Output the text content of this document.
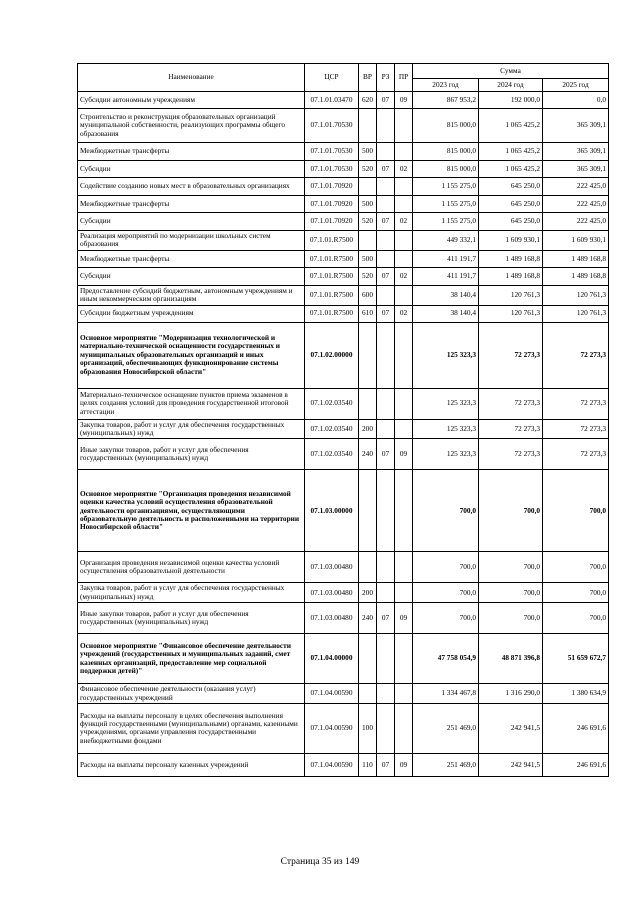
Наименование	ЦСР	ВР	РЗ	ПР	Сумма		
					2023 год	2024 год	2025 год
Субсидии автономным учреждениям	07.1.01.03470	620	07	09	867 953,2	192 000,0	0,0
Строительство и реконструкция образовательных организаций муниципальной собственности, реализующих программы общего образования	07.1.01.70530				815 000,0	1 065 425,2	365 309,1
Межбюджетные трансферты	07.1.01.70530	500			815 000,0	1 065 425,2	365 309,1
Субсидии	07.1.01.70530	520	07	02	815 000,0	1 065 425,2	365 309,1
Содействие созданию новых мест в образовательных организациях	07.1.01.70920				1 155 275,0	645 250,0	222 425,0
Межбюджетные трансферты	07.1.01.70920	500			1 155 275,0	645 250,0	222 425,0
Субсидии	07.1.01.70920	520	07	02	1 155 275,0	645 250,0	222 425,0
Реализация мероприятий по модернизации школьных систем образования	07.1.01.R7500				449 332,1	1 609 930,1	1 609 930,1
Межбюджетные трансферты	07.1.01.R7500	500			411 191,7	1 489 168,8	1 489 168,8
Субсидии	07.1.01.R7500	520	07	02	411 191,7	1 489 168,8	1 489 168,8
Предоставление субсидий бюджетным, автономным учреждениям и иным некоммерческим организациям	07.1.01.R7500	600			38 140,4	120 761,3	120 761,3
Субсидии бюджетным учреждениям	07.1.01.R7500	610	07	02	38 140,4	120 761,3	120 761,3
Основное мероприятие "Модернизация технологической и материально-технической оснащенности государственных и муниципальных образовательных организаций и иных организаций, обеспечивающих функционирование системы образования Новосибирской области"	07.1.02.00000				125 323,3	72 273,3	72 273,3
Материально-техническое оснащение пунктов приема экзаменов в целях создания условий для проведения государственной итоговой аттестации	07.1.02.03540				125 323,3	72 273,3	72 273,3
Закупка товаров, работ и услуг для обеспечения государственных (муниципальных) нужд	07.1.02.03540	200			125 323,3	72 273,3	72 273,3
Иные закупки товаров, работ и услуг для обеспечения государственных (муниципальных) нужд	07.1.02.03540	240	07	09	125 323,3	72 273,3	72 273,3
Основное мероприятие "Организация проведения независимой оценки качества условий осуществления образовательной деятельности организациями, осуществляющими образовательную деятельность и расположенными на территории Новосибирской области"	07.1.03.00000				700,0	700,0	700,0
Организация проведения независимой оценки качества условий осуществления образовательной деятельности	07.1.03.00480				700,0	700,0	700,0
Закупка товаров, работ и услуг для обеспечения государственных (муниципальных) нужд	07.1.03.00480	200			700,0	700,0	700,0
Иные закупки товаров, работ и услуг для обеспечения государственных (муниципальных) нужд	07.1.03.00480	240	07	09	700,0	700,0	700,0
Основное мероприятие "Финансовое обеспечение деятельности учреждений (государственных и муниципальных заданий, смет казенных организаций, предоставление мер социальной поддержки детей)"	07.1.04.00000				47 758 054,9	48 871 396,8	51 659 672,7
Финансовое обеспечение деятельности (оказания услуг) государственных учреждений	07.1.04.00590				1 334 467,8	1 316 290,0	1 380 634,9
Расходы на выплаты персоналу в целях обеспечения выполнения функций государственными (муниципальными) органами, казенными учреждениями, органами управления государственными внебюджетными фондами	07.1.04.00590	100			251 469,0	242 941,5	246 691,6
Расходы на выплаты персоналу казенных учреждений	07.1.04.00590	110	07	09	251 469,0	242 941,5	246 691,6
Страница 35 из 149
